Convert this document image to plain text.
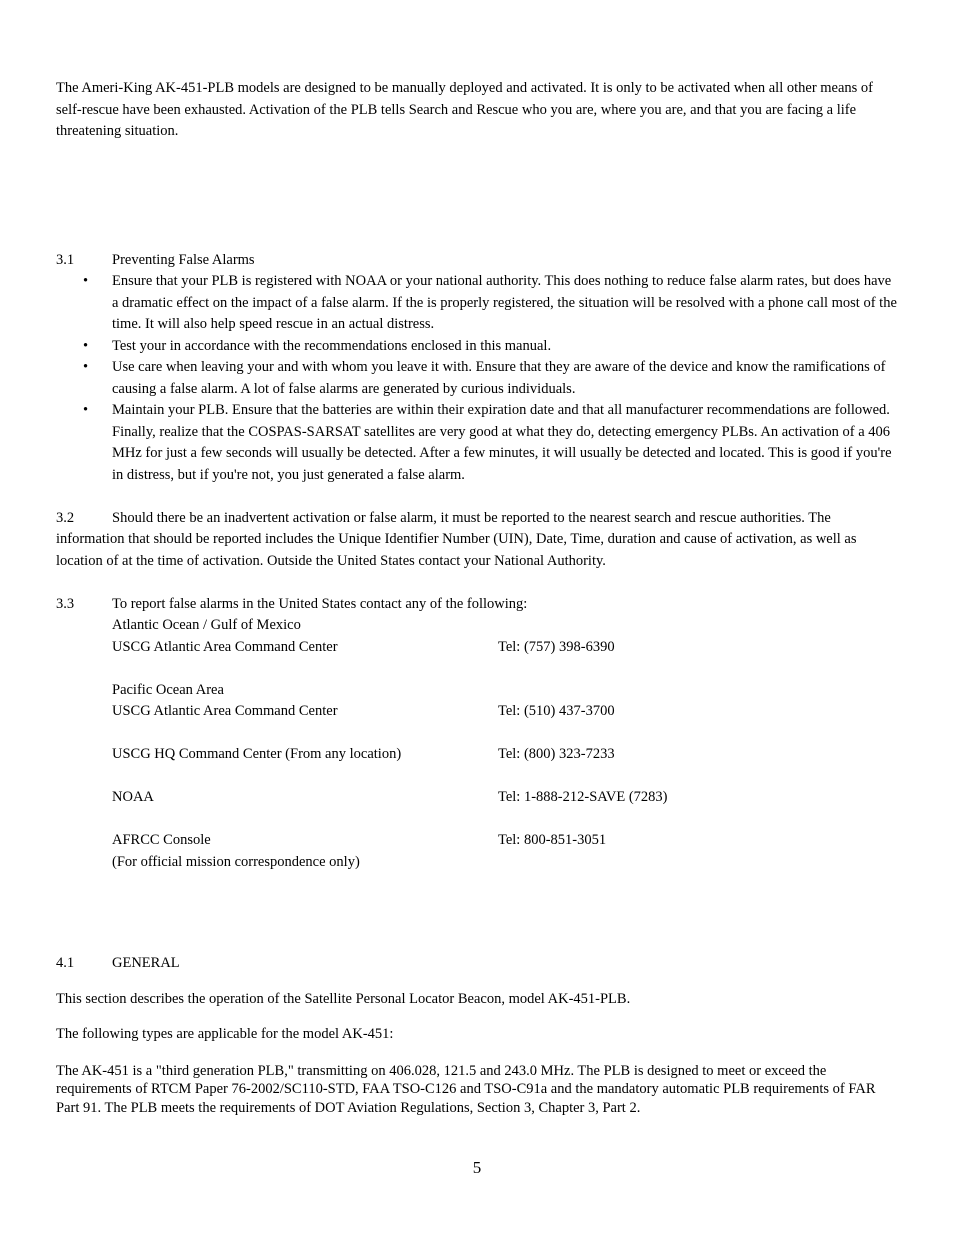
The Ameri-King AK-451-PLB models are designed to be manually deployed and activated. It is only to be activated when all other means of self-rescue have been exhausted. Activation of the PLB tells Search and Rescue who you are, where you are, and that you are facing a life threatening situation.

3.1	Preventing False Alarms
• Ensure that your PLB is registered with NOAA or your national authority. This does nothing to reduce false alarm rates, but does have a dramatic effect on the impact of a false alarm. If the is properly registered, the situation will be resolved with a phone call most of the time. It will also help speed rescue in an actual distress.
• Test your in accordance with the recommendations enclosed in this manual.
• Use care when leaving your and with whom you leave it with. Ensure that they are aware of the device and know the ramifications of causing a false alarm. A lot of false alarms are generated by curious individuals.
• Maintain your PLB. Ensure that the batteries are within their expiration date and that all manufacturer recommendations are followed. Finally, realize that the COSPAS-SARSAT satellites are very good at what they do, detecting emergency PLBs. An activation of a 406 MHz for just a few seconds will usually be detected. After a few minutes, it will usually be detected and located. This is good if you're in distress, but if you're not, you just generated a false alarm.
3.2	Should there be an inadvertent activation or false alarm, it must be reported to the nearest search and rescue authorities. The information that should be reported includes the Unique Identifier Number (UIN), Date, Time, duration and cause of activation, as well as location of at the time of activation. Outside the United States contact your National Authority.

3.3	To report false alarms in the United States contact any of the following:
Atlantic Ocean / Gulf of Mexico
USCG Atlantic Area Command Center	Tel: (757) 398-6390
Pacific Ocean Area
USCG Atlantic Area Command Center	Tel: (510) 437-3700
USCG HQ Command Center (From any location)	Tel: (800) 323-7233
NOAA	Tel: 1-888-212-SAVE (7283)
AFRCC Console	Tel: 800-851-3051
(For official mission correspondence only)
4.1	GENERAL

This section describes the operation of the Satellite Personal Locator Beacon, model AK-451-PLB.

The following types are applicable for the model AK-451:

The AK-451 is a "third generation PLB," transmitting on 406.028, 121.5 and 243.0 MHz. The PLB is designed to meet or exceed the requirements of RTCM Paper 76-2002/SC110-STD, FAA TSO-C126 and TSO-C91a and the mandatory automatic PLB requirements of FAR Part 91. The PLB meets the requirements of DOT Aviation Regulations, Section 3, Chapter 3, Part 2.

5
